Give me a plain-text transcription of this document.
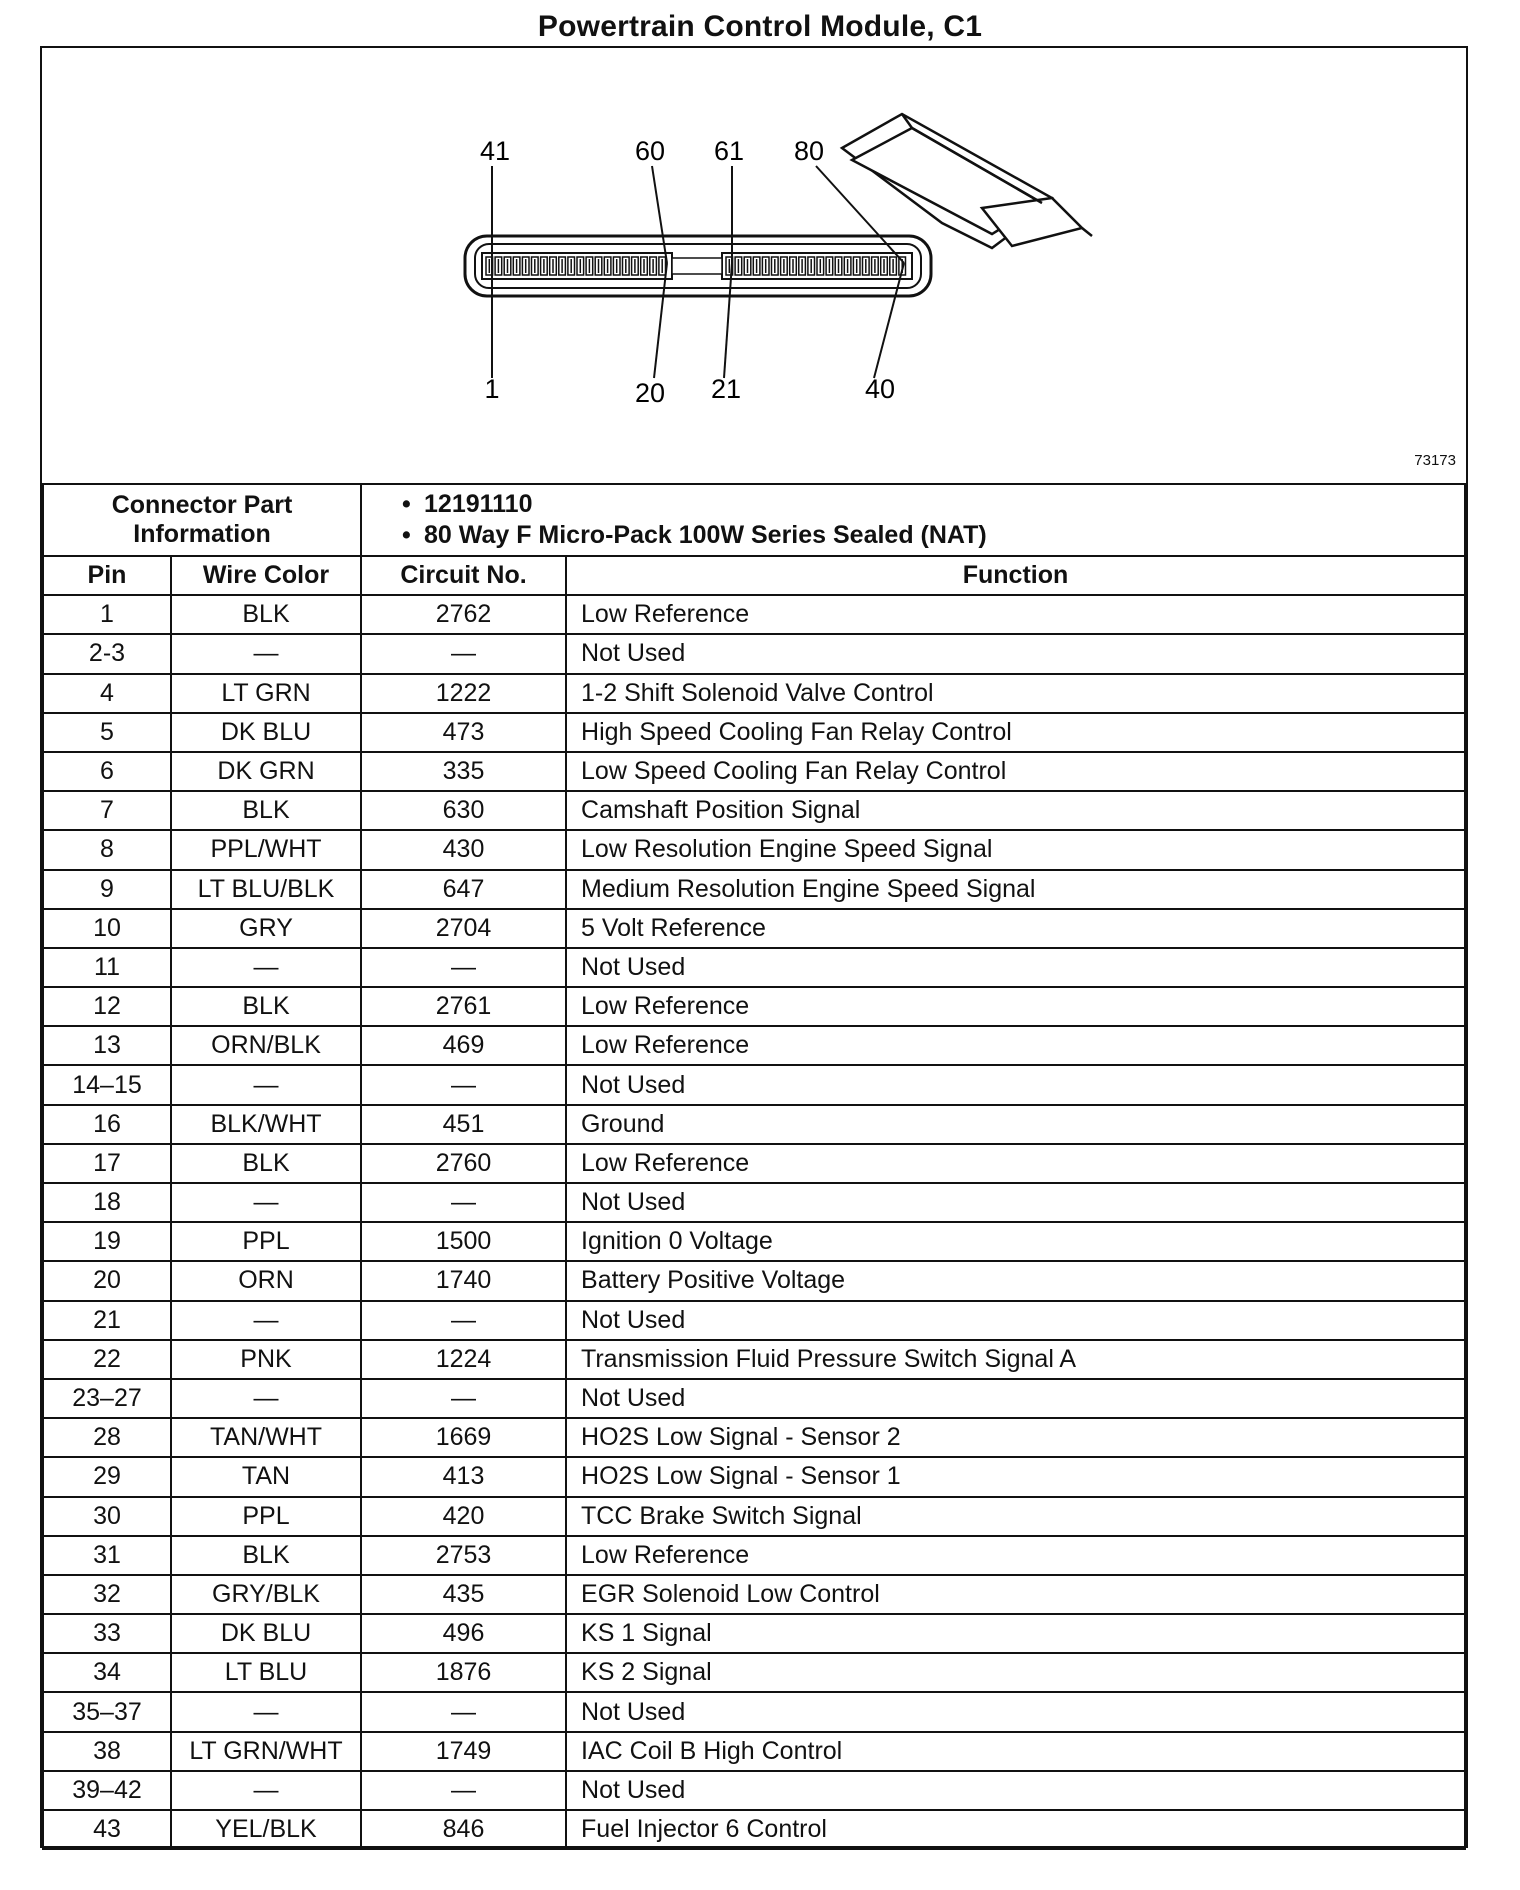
Powertrain Control Module, C1
41	60 61 80
1	20 21	40
73173
Connector Part Information		• 12191110
• 80 Way F Micro-Pack 100W Series Sealed (NAT)	

Pin	Wire Color	Circuit No.	Function
1	BLK	2762	Low Reference
2-3	—	—	Not Used
4	LT GRN	1222	1-2 Shift Solenoid Valve Control
5	DK BLU	473	High Speed Cooling Fan Relay Control
6	DK GRN	335	Low Speed Cooling Fan Relay Control
7	BLK	630	Camshaft Position Signal
8	PPL/WHT	430	Low Resolution Engine Speed Signal
9	LT BLU/BLK	647	Medium Resolution Engine Speed Signal
10	GRY	2704	5 Volt Reference
11	—	—	Not Used
12	BLK	2761	Low Reference
13	ORN/BLK	469	Low Reference
14–15	—	—	Not Used
16	BLK/WHT	451	Ground
17	BLK	2760	Low Reference
18	—	—	Not Used
19	PPL	1500	Ignition 0 Voltage
20	ORN	1740	Battery Positive Voltage
21	—	—	Not Used
22	PNK	1224	Transmission Fluid Pressure Switch Signal A
23–27	—	—	Not Used
28	TAN/WHT	1669	HO2S Low Signal - Sensor 2
29	TAN	413	HO2S Low Signal - Sensor 1
30	PPL	420	TCC Brake Switch Signal
31	BLK	2753	Low Reference
32	GRY/BLK	435	EGR Solenoid Low Control
33	DK BLU	496	KS 1 Signal
34	LT BLU	1876	KS 2 Signal
35–37	—	—	Not Used
38	LT GRN/WHT	1749	IAC Coil B High Control
39–42	—	—	Not Used
43	YEL/BLK	846	Fuel Injector 6 Control
